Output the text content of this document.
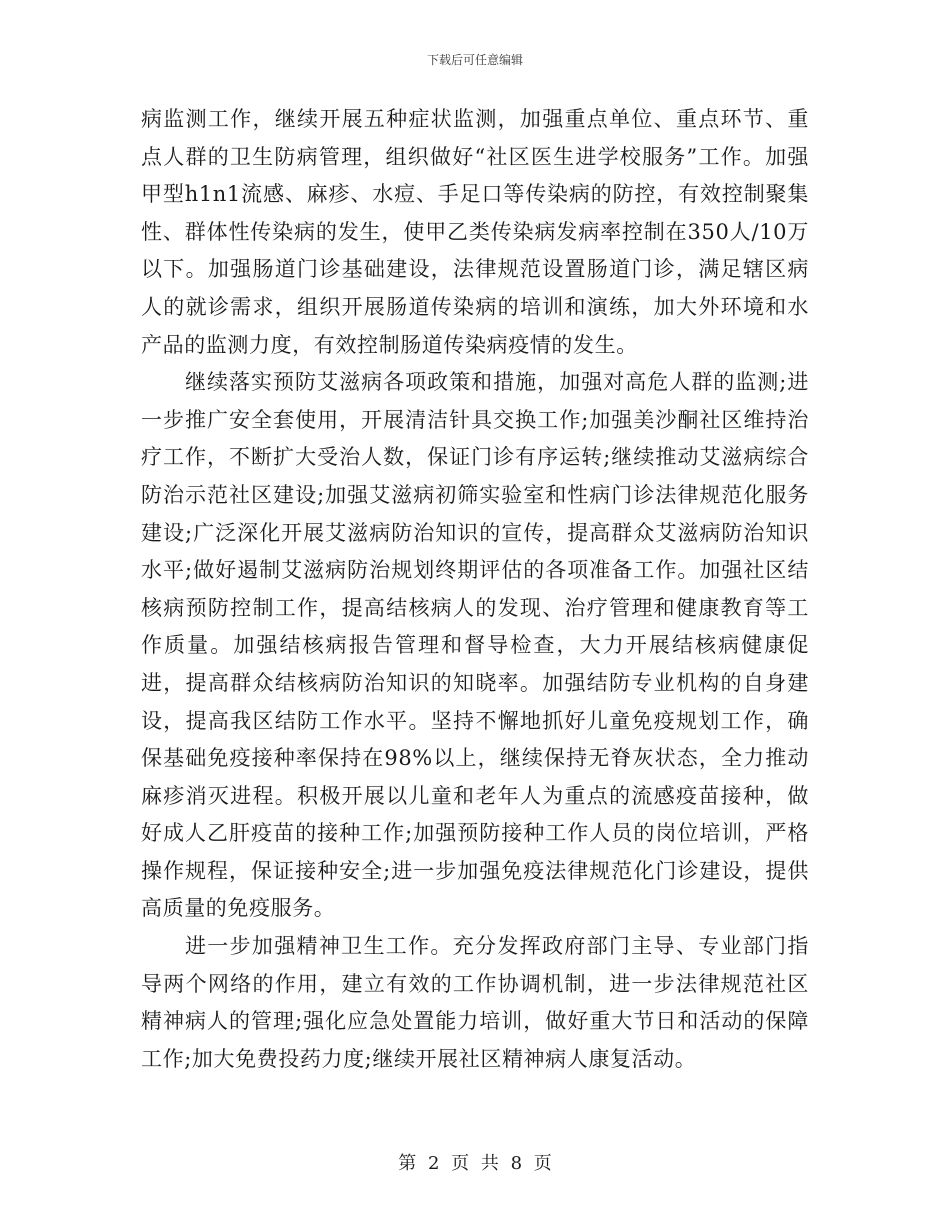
下载后可任意编辑

病监测工作，继续开展五种症状监测，加强重点单位、重点环节、重点人群的卫生防病管理，组织做好“社区医生进学校服务”工作。加强甲型h1n1流感、麻疹、水痘、手足口等传染病的防控，有效控制聚集性、群体性传染病的发生，使甲乙类传染病发病率控制在350人/10万以下。加强肠道门诊基础建设，法律规范设置肠道门诊，满足辖区病人的就诊需求，组织开展肠道传染病的培训和演练，加大外环境和水产品的监测力度，有效控制肠道传染病疫情的发生。

继续落实预防艾滋病各项政策和措施，加强对高危人群的监测;进一步推广安全套使用，开展清洁针具交换工作;加强美沙酮社区维持治疗工作，不断扩大受治人数，保证门诊有序运转;继续推动艾滋病综合防治示范社区建设;加强艾滋病初筛实验室和性病门诊法律规范化服务建设;广泛深化开展艾滋病防治知识的宣传，提高群众艾滋病防治知识水平;做好遏制艾滋病防治规划终期评估的各项准备工作。加强社区结核病预防控制工作，提高结核病人的发现、治疗管理和健康教育等工作质量。加强结核病报告管理和督导检查，大力开展结核病健康促进，提高群众结核病防治知识的知晓率。加强结防专业机构的自身建设，提高我区结防工作水平。坚持不懈地抓好儿童免疫规划工作，确保基础免疫接种率保持在98%以上，继续保持无脊灰状态，全力推动麻疹消灭进程。积极开展以儿童和老年人为重点的流感疫苗接种，做好成人乙肝疫苗的接种工作;加强预防接种工作人员的岗位培训，严格操作规程，保证接种安全;进一步加强免疫法律规范化门诊建设，提供高质量的免疫服务。

进一步加强精神卫生工作。充分发挥政府部门主导、专业部门指导两个网络的作用，建立有效的工作协调机制，进一步法律规范社区精神病人的管理;强化应急处置能力培训，做好重大节日和活动的保障工作;加大免费投药力度;继续开展社区精神病人康复活动。

第 2 页 共 8 页
